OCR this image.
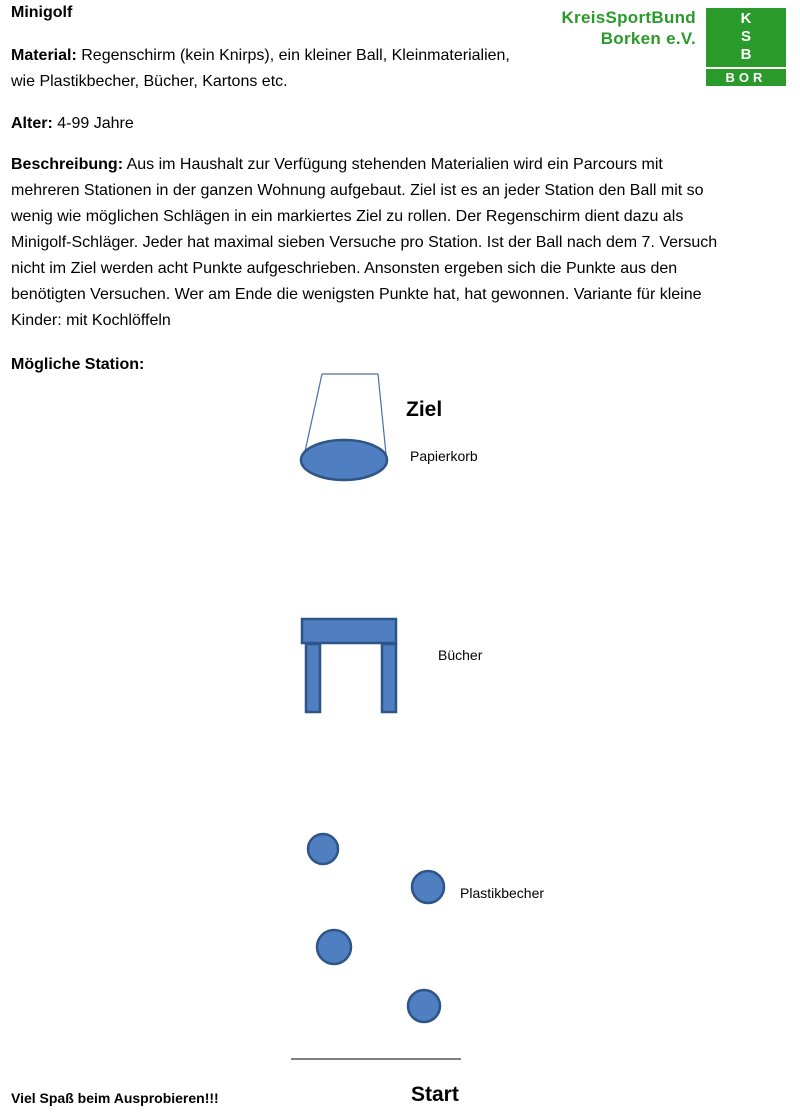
Minigolf	KreisSportBund
Borken e.V.
K
S
B
BOR
Material: Regenschirm (kein Knirps), ein kleiner Ball, Kleinmaterialien, wie Plastikbecher, Bücher, Kartons etc.
Alter: 4-99 Jahre
Beschreibung: Aus im Haushalt zur Verfügung stehenden Materialien wird ein Parcours mit mehreren Stationen in der ganzen Wohnung aufgebaut. Ziel ist es an jeder Station den Ball mit so wenig wie möglichen Schlägen in ein markiertes Ziel zu rollen. Der Regenschirm dient dazu als Minigolf-Schläger. Jeder hat maximal sieben Versuche pro Station. Ist der Ball nach dem 7. Versuch nicht im Ziel werden acht Punkte aufgeschrieben. Ansonsten ergeben sich die Punkte aus den benötigten Versuchen. Wer am Ende die wenigsten Punkte hat, hat gewonnen. Variante für kleine Kinder: mit Kochlöffeln
Mögliche Station:
Ziel
Papierkorb
Bücher
Plastikbecher
Start
Viel Spaß beim Ausprobieren!!!
